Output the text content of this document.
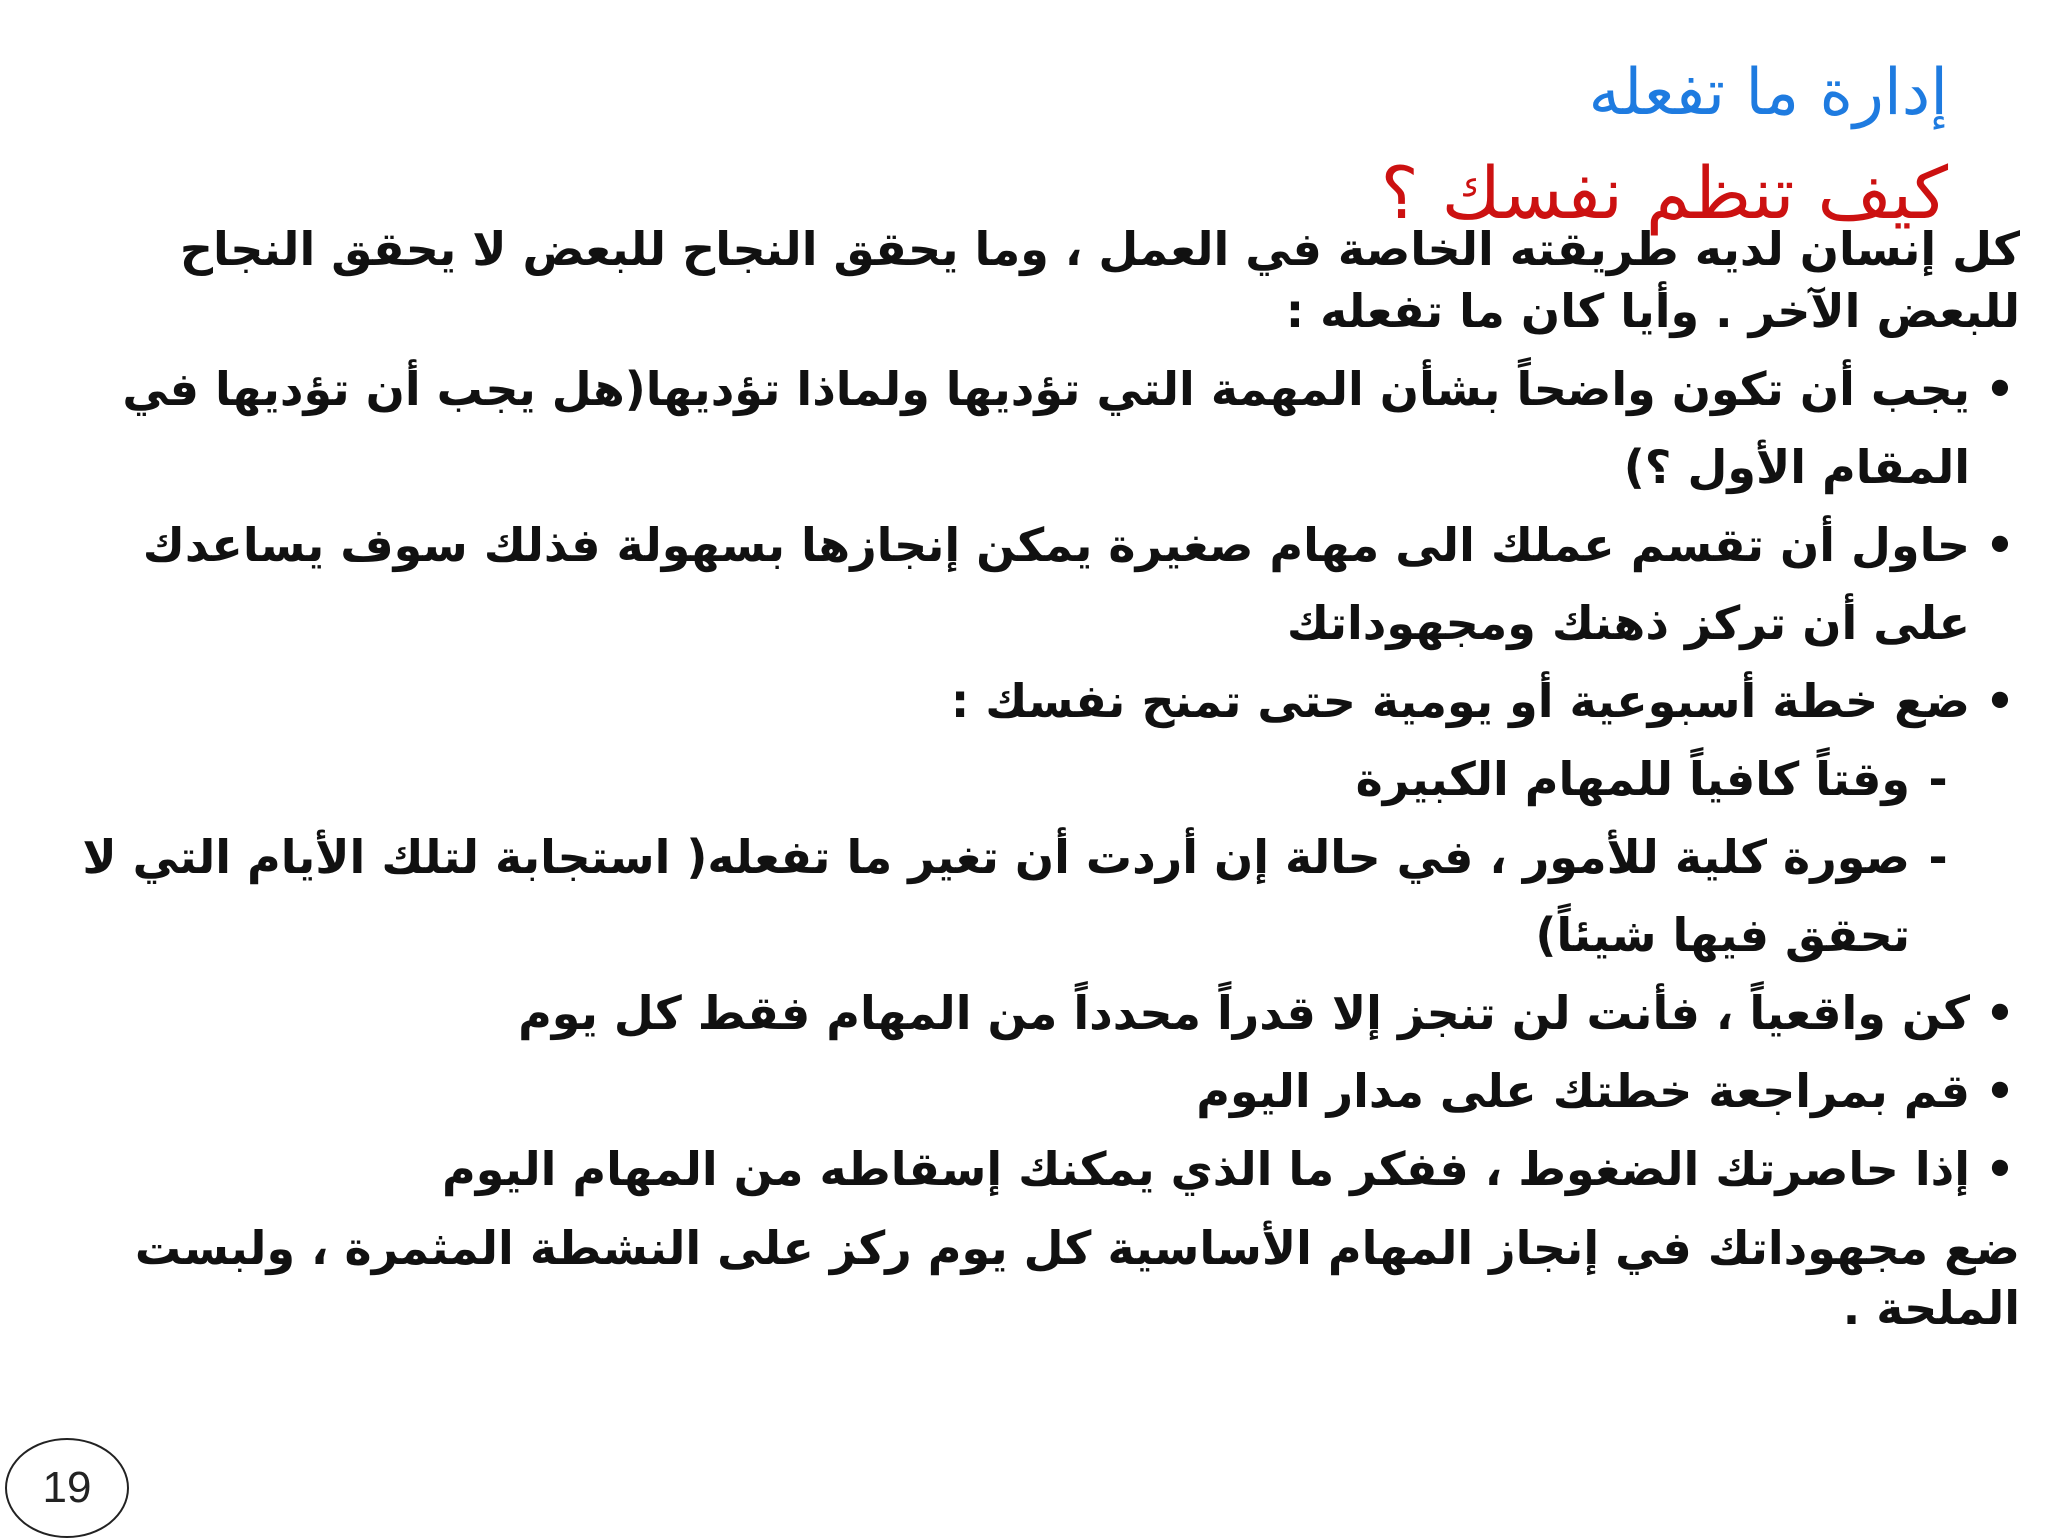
إدارة ما تفعله
كيف تنظم نفسك ؟

كل إنسان لديه طريقته الخاصة في العمل ، وما يحقق النجاح للبعض لا يحقق النجاح للبعض الآخر . وأيا كان ما تفعله :

•
يجب أن تكون واضحاً بشأن المهمة التي تؤديها ولماذا تؤديها(هل يجب أن تؤديها في المقام الأول ؟)
•
حاول أن تقسم عملك الى مهام صغيرة يمكن إنجازها بسهولة فذلك سوف يساعدك على أن تركز ذهنك ومجهوداتك
•
ضع خطة أسبوعية أو يومية حتى تمنح نفسك :
-
وقتاً كافياً للمهام الكبيرة
-
صورة كلية للأمور ، في حالة إن أردت أن تغير ما تفعله( استجابة لتلك الأيام التي لا تحقق فيها شيئاً)
•
كن واقعياً ، فأنت لن تنجز إلا قدراً محدداً من المهام فقط كل يوم
•
قم بمراجعة خطتك على مدار اليوم
•
إذا حاصرتك الضغوط ، ففكر ما الذي يمكنك إسقاطه من المهام اليوم

ضع مجهوداتك في إنجاز المهام الأساسية كل يوم ركز على النشطة المثمرة ، ولبست الملحة .

19
